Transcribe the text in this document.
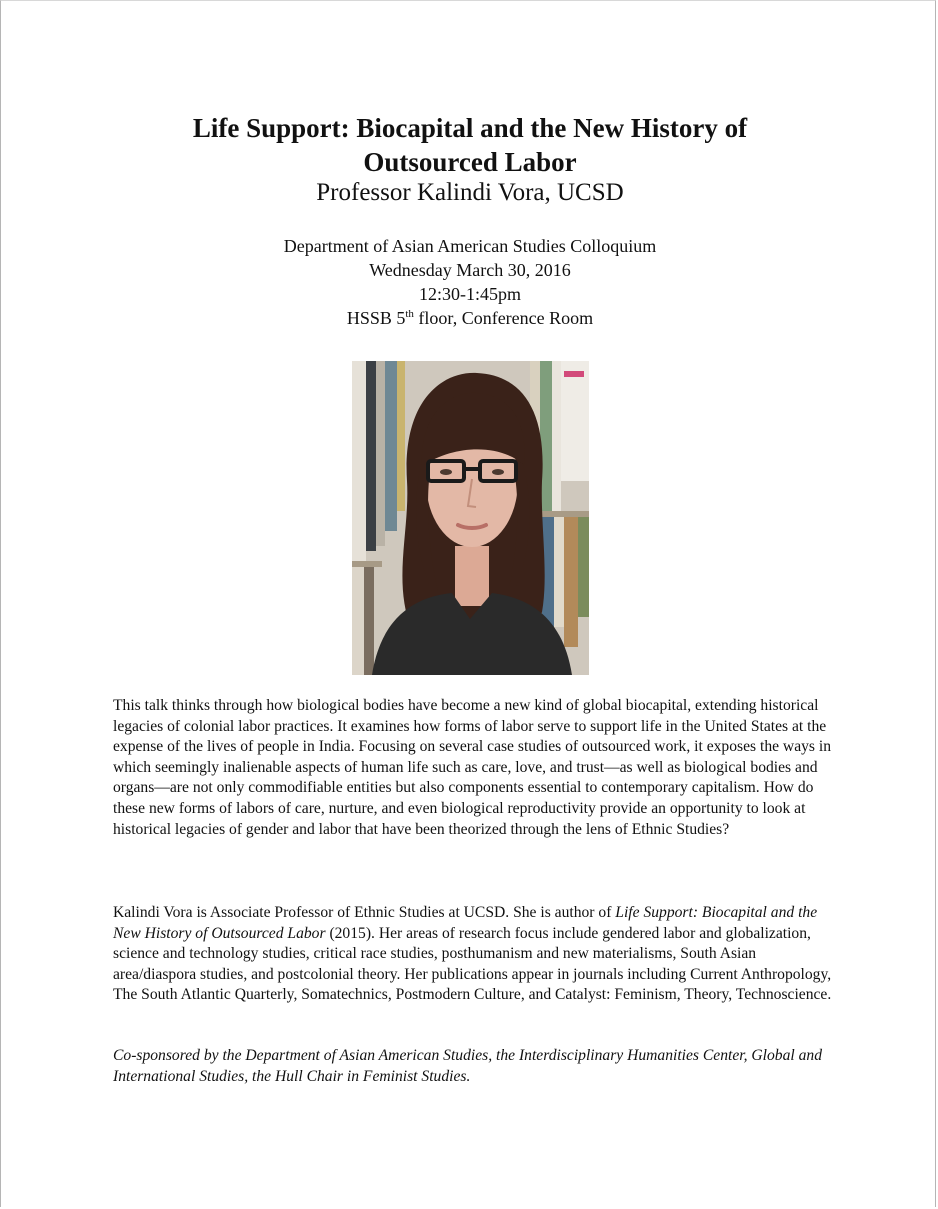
Life Support: Biocapital and the New History of
Outsourced Labor
Professor Kalindi Vora, UCSD
Department of Asian American Studies Colloquium
Wednesday March 30, 2016
12:30-1:45pm
HSSB 5th floor, Conference Room
This talk thinks through how biological bodies have become a new kind of global biocapital, extending historical legacies of colonial labor practices. It examines how forms of labor serve to support life in the United States at the expense of the lives of people in India. Focusing on several case studies of outsourced work, it exposes the ways in which seemingly inalienable aspects of human life such as care, love, and trust—as well as biological bodies and organs—are not only commodifiable entities but also components essential to contemporary capitalism. How do these new forms of labors of care, nurture, and even biological reproductivity provide an opportunity to look at historical legacies of gender and labor that have been theorized through the lens of Ethnic Studies?
Kalindi Vora is Associate Professor of Ethnic Studies at UCSD. She is author of Life Support: Biocapital and the New History of Outsourced Labor (2015). Her areas of research focus include gendered labor and globalization, science and technology studies, critical race studies, posthumanism and new materialisms, South Asian area/diaspora studies, and postcolonial theory. Her publications appear in journals including Current Anthropology, The South Atlantic Quarterly, Somatechnics, Postmodern Culture, and Catalyst: Feminism, Theory, Technoscience.
Co-sponsored by the Department of Asian American Studies, the Interdisciplinary Humanities Center, Global and International Studies, the Hull Chair in Feminist Studies.
